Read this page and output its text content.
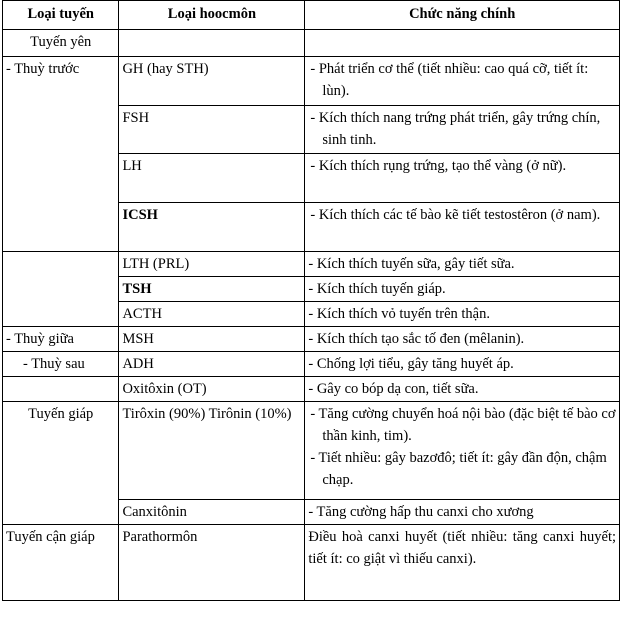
Loại tuyến	Loại hoocmôn	Chức năng chính
Tuyến yên		
- Thuỳ trước	GH (hay STH)	- Phát triển cơ thể (tiết nhiều: cao quá cỡ, tiết ít: lùn).

	FSH	- Kích thích nang trứng phát triển, gây trứng chín, sinh tinh.

	LH	- Kích thích rụng trứng, tạo thể vàng (ở nữ).

	ICSH	- Kích thích các tế bào kẽ tiết testostêron (ở nam).

	LTH (PRL)	- Kích thích tuyến sữa, gây tiết sữa.
	TSH	- Kích thích tuyến giáp.
	ACTH	- Kích thích vỏ tuyến trên thận.
- Thuỳ giữa	MSH	- Kích thích tạo sắc tố đen (mêlanin).
- Thuỳ sau	ADH	- Chống lợi tiểu, gây tăng huyết áp.
	Oxitôxin (OT)	- Gây co bóp dạ con, tiết sữa.
Tuyến giáp	Tirôxin (90%) Tirônin (10%)	- Tăng cường chuyển hoá nội bào (đặc biệt tế bào cơ thần kinh, tim).
- Tiết nhiều: gây bazơđô; tiết ít: gây đần độn, chậm chạp.

	Canxitônin	- Tăng cường hấp thu canxi cho xương
Tuyến cận giáp	Parathormôn	Điều hoà canxi huyết (tiết nhiều: tăng canxi huyết; tiết ít: co giật vì thiếu canxi).
